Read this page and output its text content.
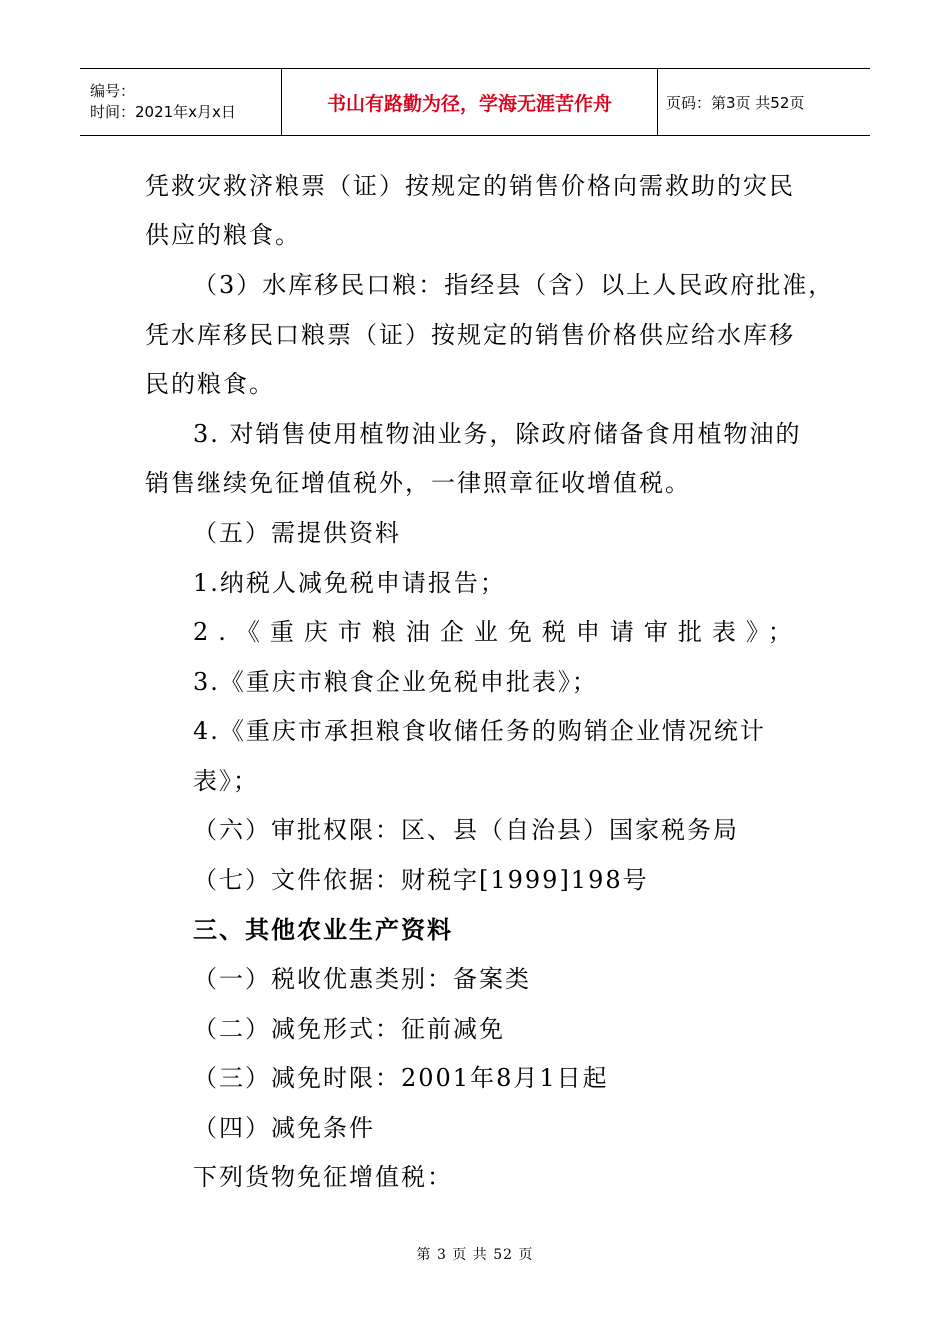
编号：
时间：2021年x月x日	书山有路勤为径，学海无涯苦作舟	页码：第3页 共52页
凭救灾救济粮票（证）按规定的销售价格向需救助的灾民
供应的粮食。
（3）水库移民口粮：指经县（含）以上人民政府批准，
凭水库移民口粮票（证）按规定的销售价格供应给水库移
民的粮食。
3. 对销售使用植物油业务，除政府储备食用植物油的
销售继续免征增值税外，一律照章征收增值税。
（五）需提供资料
1.纳税人减免税申请报告；
2.《重庆市粮油企业免税申请审批表》；
3.《重庆市粮食企业免税申批表》；
4.《重庆市承担粮食收储任务的购销企业情况统计
表》；
（六）审批权限：区、县（自治县）国家税务局
（七）文件依据：财税字[1999]198号
三、其他农业生产资料
（一）税收优惠类别：备案类
（二）减免形式：征前减免
（三）减免时限：2001年8月1日起
（四）减免条件
下列货物免征增值税：
第 3 页 共 52 页
